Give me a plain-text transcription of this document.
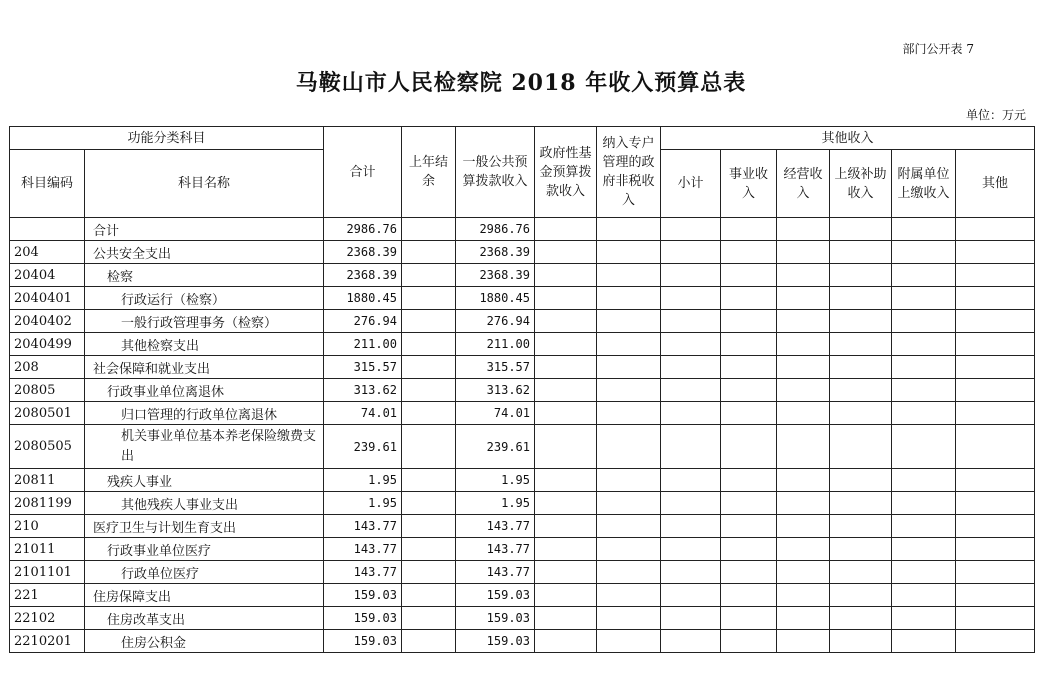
部门公开表 7
马鞍山市人民检察院 2018 年收入预算总表
单位：万元
功能分类科目		合计	上年结余	一般公共预算拨款收入	政府性基金预算拨款收入	纳入专户管理的政府非税收入	其他收入					
科目编码	科目名称						小计	事业收入	经营收入	上级补助收入	附属单位上缴收入	其他
	合计	2986.76		2986.76								
204	公共安全支出	2368.39		2368.39								
20404	检察	2368.39		2368.39								
2040401	行政运行（检察）	1880.45		1880.45								
2040402	一般行政管理事务（检察）	276.94		276.94								
2040499	其他检察支出	211.00		211.00								
208	社会保障和就业支出	315.57		315.57								
20805	行政事业单位离退休	313.62		313.62								
2080501	归口管理的行政单位离退休	74.01		74.01								
2080505	机关事业单位基本养老保险缴费支出	239.61		239.61								
20811	残疾人事业	1.95		1.95								
2081199	其他残疾人事业支出	1.95		1.95								
210	医疗卫生与计划生育支出	143.77		143.77								
21011	行政事业单位医疗	143.77		143.77								
2101101	行政单位医疗	143.77		143.77								
221	住房保障支出	159.03		159.03								
22102	住房改革支出	159.03		159.03								
2210201	住房公积金	159.03		159.03								
